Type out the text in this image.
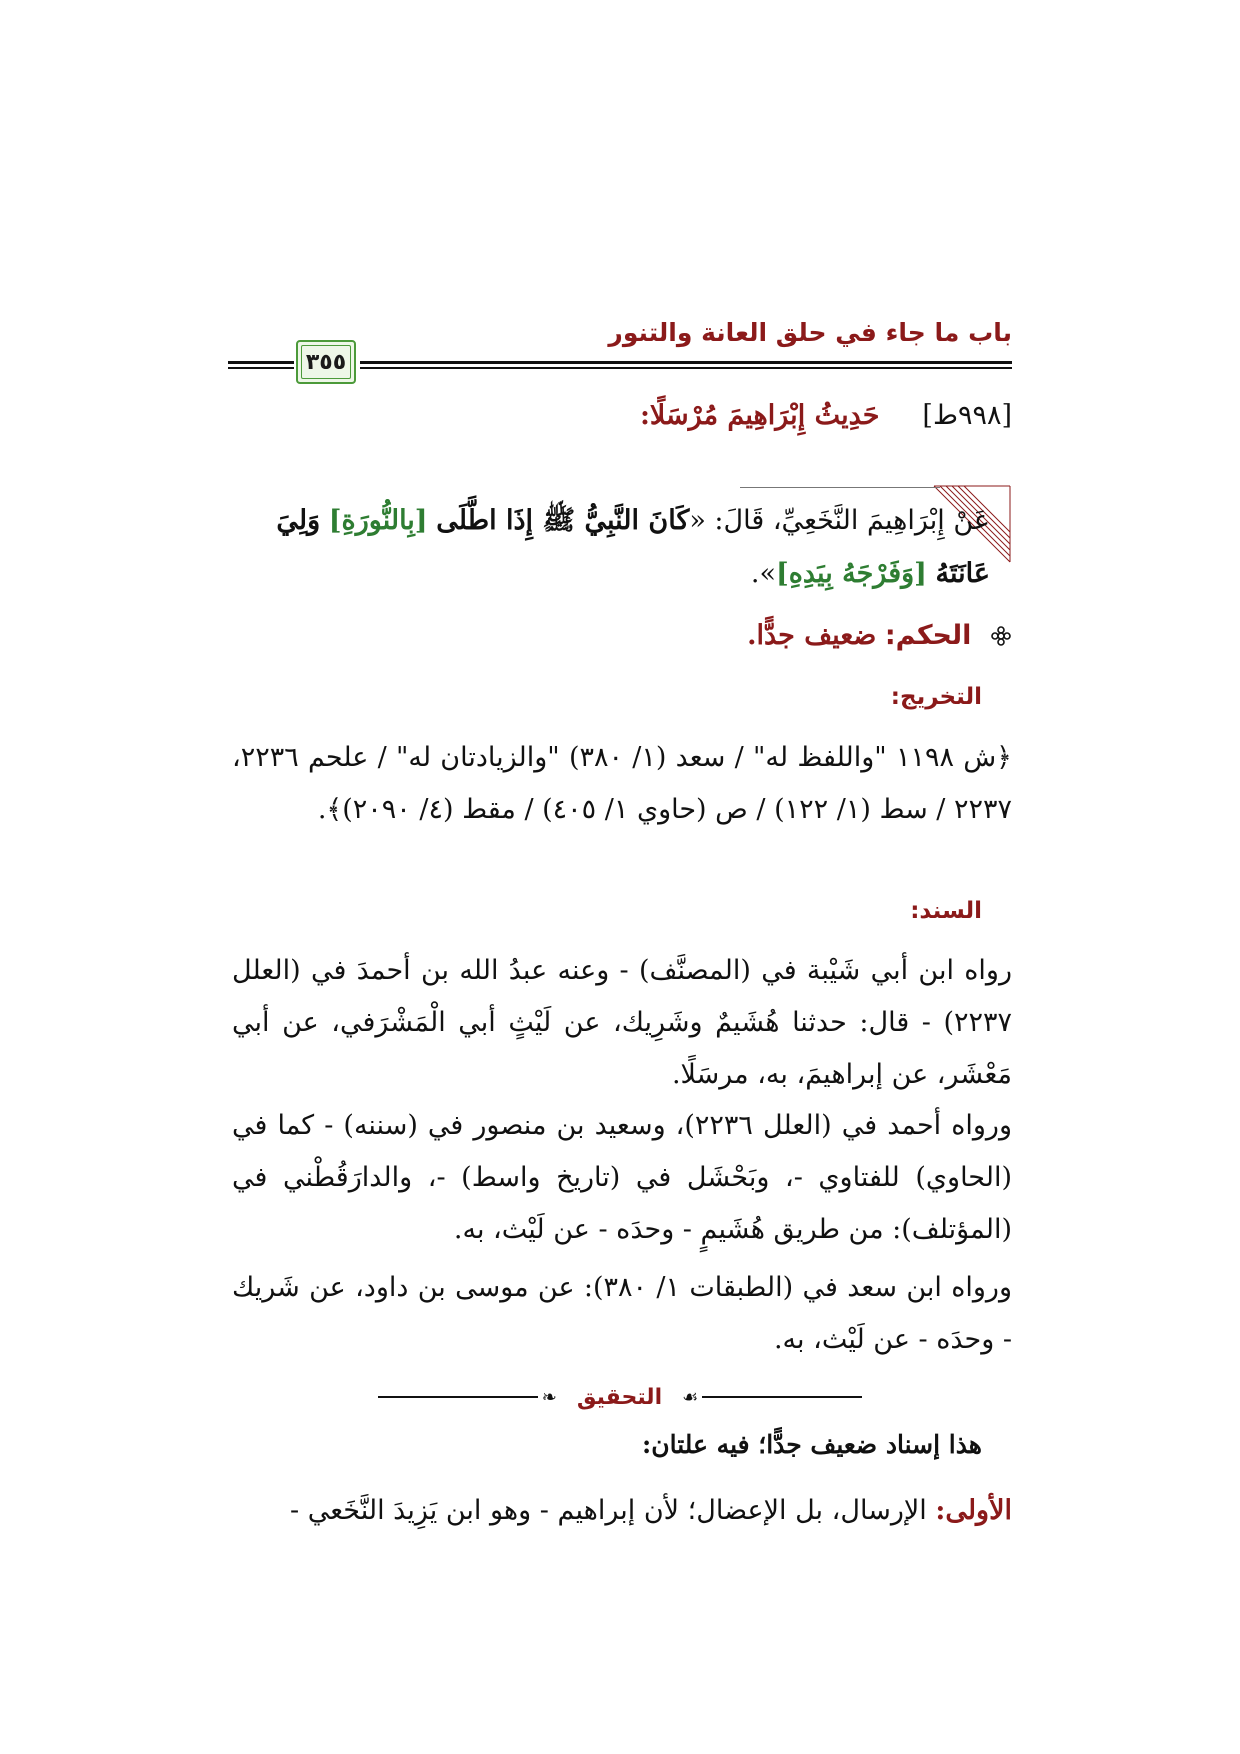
باب ما جاء في حلق العانة والتنور
٣٥٥
[٩٩٨ط]     حَدِيثُ إِبْرَاهِيمَ مُرْسَلًا:
عَنْ إِبْرَاهِيمَ النَّخَعِيِّ، قَالَ: «كَانَ النَّبِيُّ ﷺ إِذَا اطَّلَى [بِالنُّورَةِ] وَلِيَ عَانَتَهُ [وَفَرْجَهُ بِيَدِهِ]».
الحكم: ضعيف جدًّا.
التخريج:
﴿ش ١١٩٨ "واللفظ له" / سعد (١/ ٣٨٠) "والزيادتان له" / علحم ٢٢٣٦، ٢٢٣٧ / سط (١/ ١٢٢) / ص (حاوي ١/ ٤٠٥) / مقط (٤/ ٢٠٩٠)﴾.
السند:
رواه ابن أبي شَيْبة في (المصنَّف) - وعنه عبدُ الله بن أحمدَ في (العلل ٢٢٣٧) - قال: حدثنا هُشَيمٌ وشَرِيك، عن لَيْثٍ أبي الْمَشْرَفي، عن أبي مَعْشَر، عن إبراهيمَ، به، مرسَلًا.
ورواه أحمد في (العلل ٢٢٣٦)، وسعيد بن منصور في (سننه) - كما في (الحاوي) للفتاوي -، وبَحْشَل في (تاريخ واسط) -، والدارَقُطْني في (المؤتلف): من طريق هُشَيمٍ - وحدَه - عن لَيْث، به.
ورواه ابن سعد في (الطبقات ١/ ٣٨٠): عن موسى بن داود، عن شَريك - وحدَه - عن لَيْث، به.
❧ التحقيق	☙
هذا إسناد ضعيف جدًّا؛ فيه علتان:
الأولى: الإرسال، بل الإعضال؛ لأن إبراهيم - وهو ابن يَزِيدَ النَّخَعي -
